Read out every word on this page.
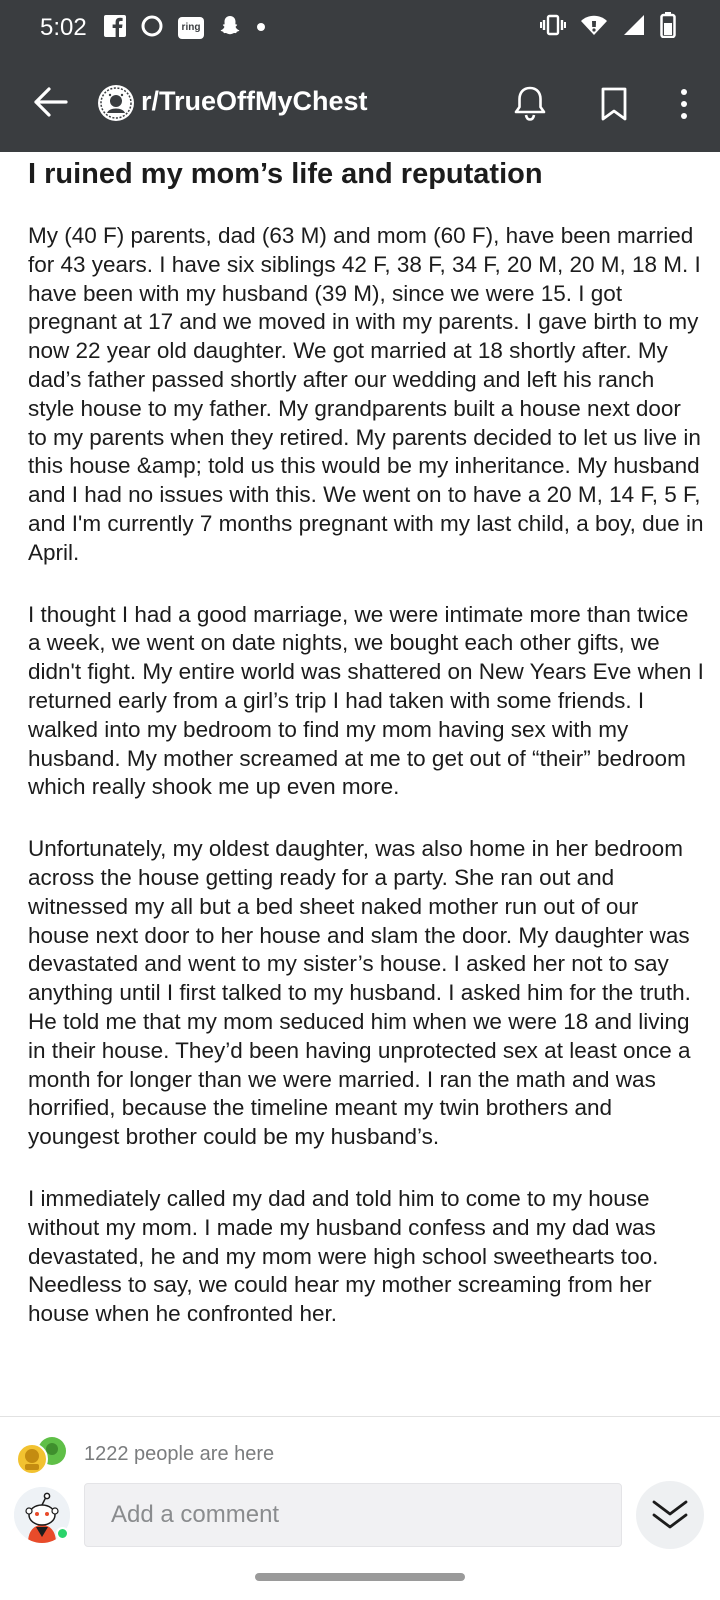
5:02	ring
r/TrueOffMyChest
I ruined my mom’s life and reputation

My (40 F) parents, dad (63 M) and mom (60 F), have been married for 43 years. I have six siblings 42 F, 38 F, 34 F, 20 M, 20 M, 18 M. I have been with my husband (39 M), since we were 15. I got pregnant at 17 and we moved in with my parents. I gave birth to my now 22 year old daughter. We got married at 18 shortly after. My dad’s father passed shortly after our wedding and left his ranch style house to my father. My grandparents built a house next door to my parents when they retired. My parents decided to let us live in this house &amp; told us this would be my inheritance. My husband and I had no issues with this. We went on to have a 20 M, 14 F, 5 F, and I'm currently 7 months pregnant with my last child, a boy, due in April.

I thought I had a good marriage, we were intimate more than twice a week, we went on date nights, we bought each other gifts, we didn't fight. My entire world was shattered on New Years Eve when I returned early from a girl’s trip I had taken with some friends. I walked into my bedroom to find my mom having sex with my husband. My mother screamed at me to get out of “their” bedroom which really shook me up even more.

Unfortunately, my oldest daughter, was also home in her bedroom across the house getting ready for a party. She ran out and witnessed my all but a bed sheet naked mother run out of our house next door to her house and slam the door. My daughter was devastated and went to my sister’s house. I asked her not to say anything until I first talked to my husband. I asked him for the truth. He told me that my mom seduced him when we were 18 and living in their house. They’d been having unprotected sex at least once a month for longer than we were married. I ran the math and was horrified, because the timeline meant my twin brothers and youngest brother could be my husband’s.

I immediately called my dad and told him to come to my house without my mom. I made my husband confess and my dad was devastated, he and my mom were high school sweethearts too. Needless to say, we could hear my mother screaming from her house when he confronted her.

1222 people are here
Add a comment
